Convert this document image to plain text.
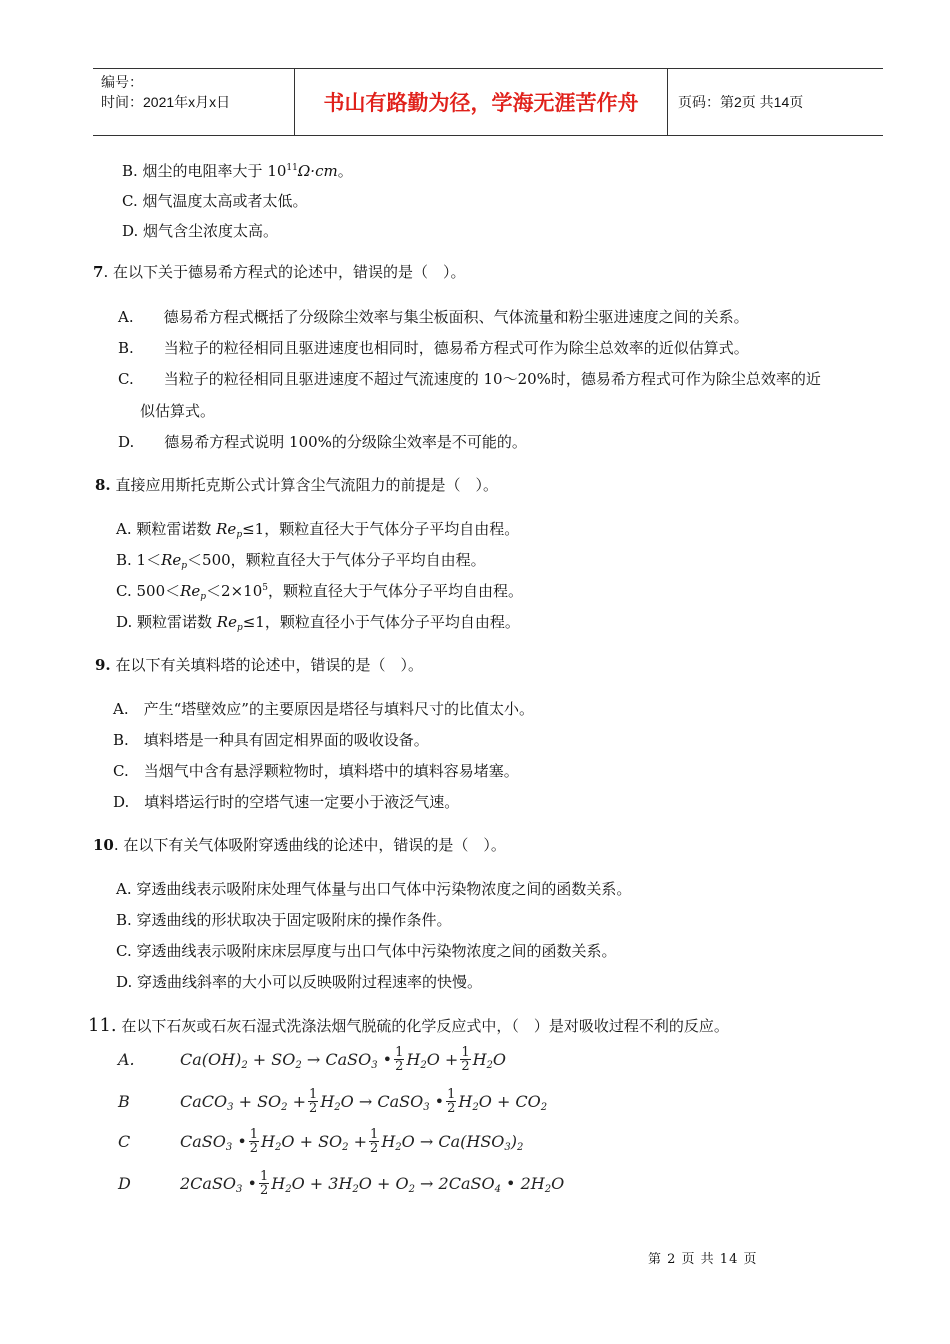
编号：
时间：2021年x月x日	书山有路勤为径，学海无涯苦作舟	页码：第2页 共14页
B. 烟尘的电阻率大于 $10^{11}\Omega\cdot cm$。
C. 烟气温度太高或者太低。
D. 烟气含尘浓度太高。
7. 在以下关于德易希方程式的论述中，错误的是（　）。
A.　　德易希方程式概括了分级除尘效率与集尘板面积、气体流量和粉尘驱进速度之间的关系。
B.　　当粒子的粒径相同且驱进速度也相同时，德易希方程式可作为除尘总效率的近似估算式。
C.　　当粒子的粒径相同且驱进速度不超过气流速度的 10～20%时，德易希方程式可作为除尘总效率的近
似估算式。
D.　　德易希方程式说明 100%的分级除尘效率是不可能的。
8. 直接应用斯托克斯公式计算含尘气流阻力的前提是（　）。
A. 颗粒雷诺数 $Re_p\le 1$，颗粒直径大于气体分子平均自由程。
B. $1<Re_p<500$，颗粒直径大于气体分子平均自由程。
C. $500<Re_p<2\times 10^5$，颗粒直径大于气体分子平均自由程。
D. 颗粒雷诺数 $Re_p\le 1$，颗粒直径小于气体分子平均自由程。
9. 在以下有关填料塔的论述中，错误的是（　）。
A.　产生“塔壁效应”的主要原因是塔径与填料尺寸的比值太小。
B.　填料塔是一种具有固定相界面的吸收设备。
C.　当烟气中含有悬浮颗粒物时，填料塔中的填料容易堵塞。
D.　填料塔运行时的空塔气速一定要小于液泛气速。
10. 在以下有关气体吸附穿透曲线的论述中，错误的是（　）。
A. 穿透曲线表示吸附床处理气体量与出口气体中污染物浓度之间的函数关系。
B. 穿透曲线的形状取决于固定吸附床的操作条件。
C. 穿透曲线表示吸附床床层厚度与出口气体中污染物浓度之间的函数关系。
D. 穿透曲线斜率的大小可以反映吸附过程速率的快慢。
11. 在以下石灰或石灰石湿式洗涤法烟气脱硫的化学反应式中，（　）是对吸收过程不利的反应。
A.	$Ca(OH)_2 + SO_2$ → CaSO$_3$ • $\frac{1}{2} H_2O + \frac{1}{2} H_2O$
B	CaCO$_3$ + $SO_2 + \frac{1}{2} H_2O$ → CaSO$_3$ • $\frac{1}{2} H_2O + CO_2$
C	CaSO$_3$ • $\frac{1}{2} H_2O + SO_2 + \frac{1}{2} H_2O \to Ca(HSO_3)_2$
D	2CaSO$_3$ • $\frac{1}{2} H_2O + 3H_2O + O_2$ → 2CaSO$_4$ • $2H_2O$
第 2 页 共 14 页
